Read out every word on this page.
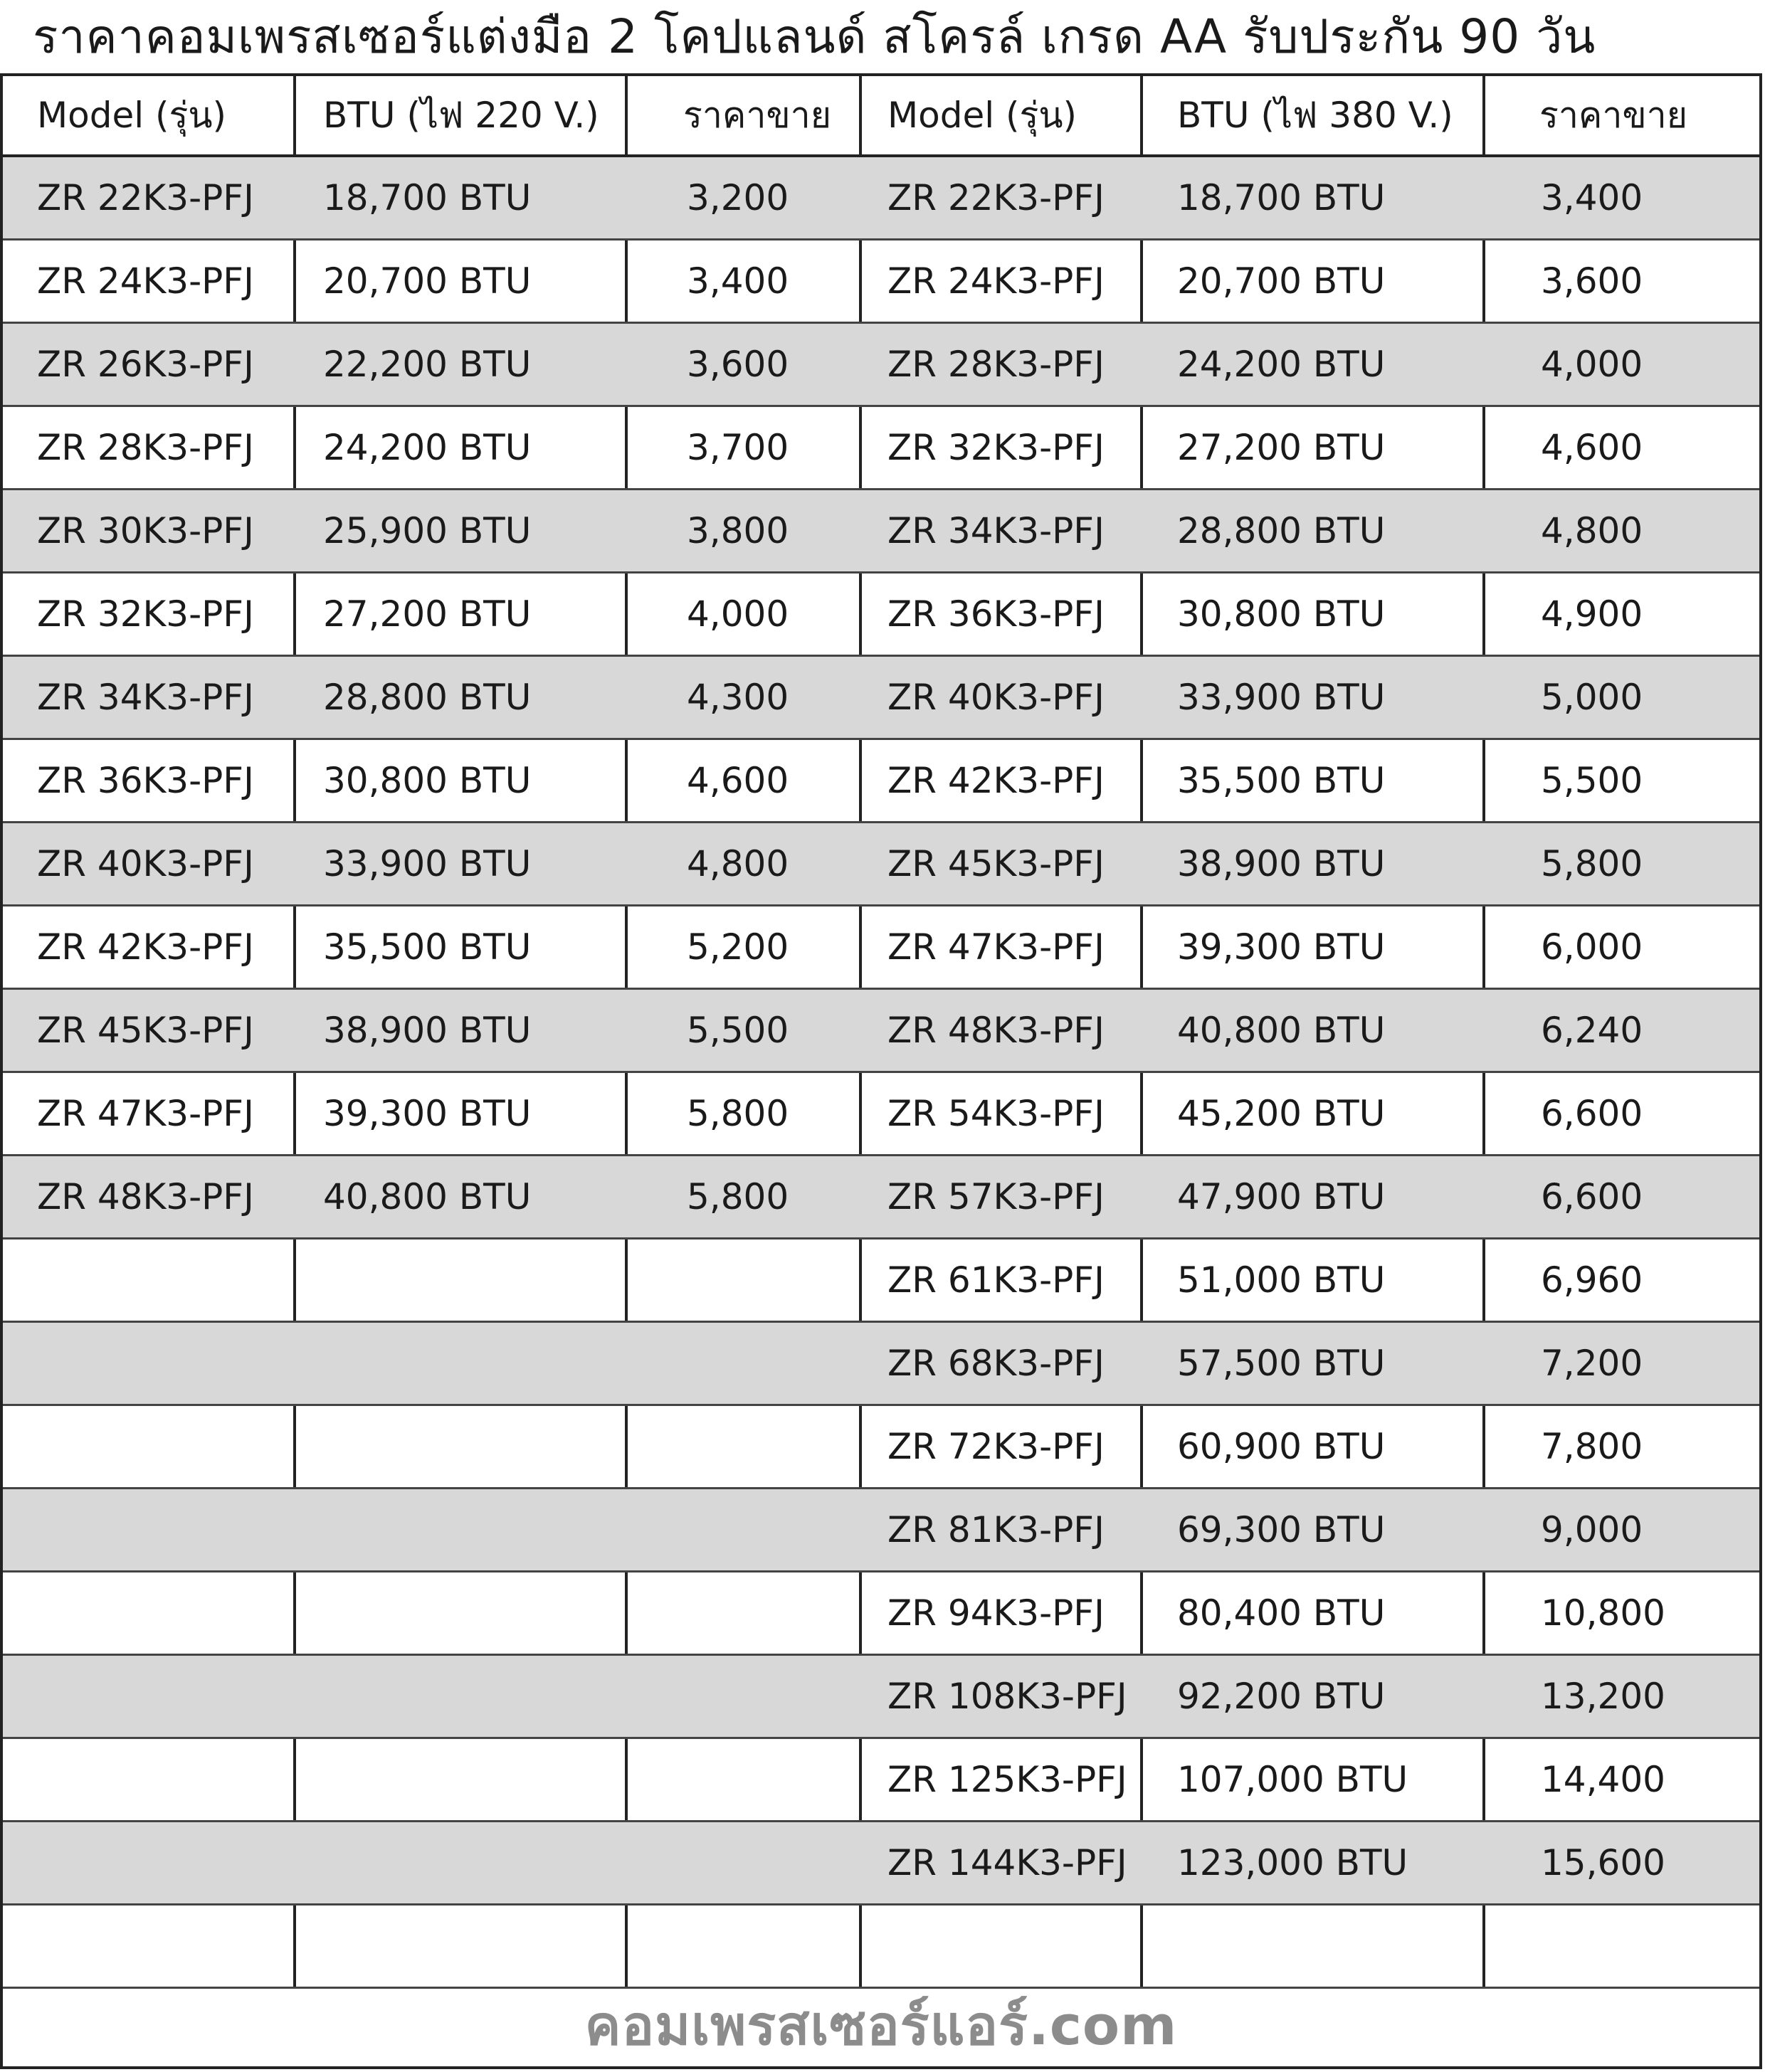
ราคาคอมเพรสเซอร์แต่งมือ 2 โคปแลนด์ สโครล์ เกรด AA รับประกัน 90 วัน
คอมเพรสเซอร์แอร์.com
Model (รุ่น)	BTU (ไฟ 220 V.) ราคาขาย Model (รุ่น)	BTU (ไฟ 380 V.) ราคาขาย
ZR 22K3-PFJ 18,700 BTU	3,200	ZR 22K3-PFJ 18,700 BTU	3,400
ZR 24K3-PFJ 20,700 BTU	3,400	ZR 24K3-PFJ 20,700 BTU	3,600
ZR 26K3-PFJ 22,200 BTU	3,600	ZR 28K3-PFJ 24,200 BTU	4,000
ZR 28K3-PFJ 24,200 BTU	3,700	ZR 32K3-PFJ 27,200 BTU	4,600
ZR 30K3-PFJ 25,900 BTU	3,800	ZR 34K3-PFJ 28,800 BTU	4,800
ZR 32K3-PFJ 27,200 BTU	4,000	ZR 36K3-PFJ 30,800 BTU	4,900
ZR 34K3-PFJ 28,800 BTU	4,300	ZR 40K3-PFJ 33,900 BTU	5,000
ZR 36K3-PFJ 30,800 BTU	4,600	ZR 42K3-PFJ 35,500 BTU	5,500
ZR 40K3-PFJ 33,900 BTU	4,800	ZR 45K3-PFJ 38,900 BTU	5,800
ZR 42K3-PFJ 35,500 BTU	5,200	ZR 47K3-PFJ 39,300 BTU	6,000
ZR 45K3-PFJ 38,900 BTU	5,500	ZR 48K3-PFJ 40,800 BTU	6,240
ZR 47K3-PFJ 39,300 BTU	5,800	ZR 54K3-PFJ 45,200 BTU	6,600
ZR 48K3-PFJ 40,800 BTU	5,800	ZR 57K3-PFJ 47,900 BTU	6,600
ZR 61K3-PFJ 51,000 BTU	6,960
ZR 68K3-PFJ 57,500 BTU	7,200
ZR 72K3-PFJ 60,900 BTU	7,800
ZR 81K3-PFJ 69,300 BTU	9,000
ZR 94K3-PFJ 80,400 BTU	10,800
ZR 108K3-PFJ 92,200 BTU	13,200
ZR 125K3-PFJ 107,000 BTU	14,400
ZR 144K3-PFJ 123,000 BTU	15,600
